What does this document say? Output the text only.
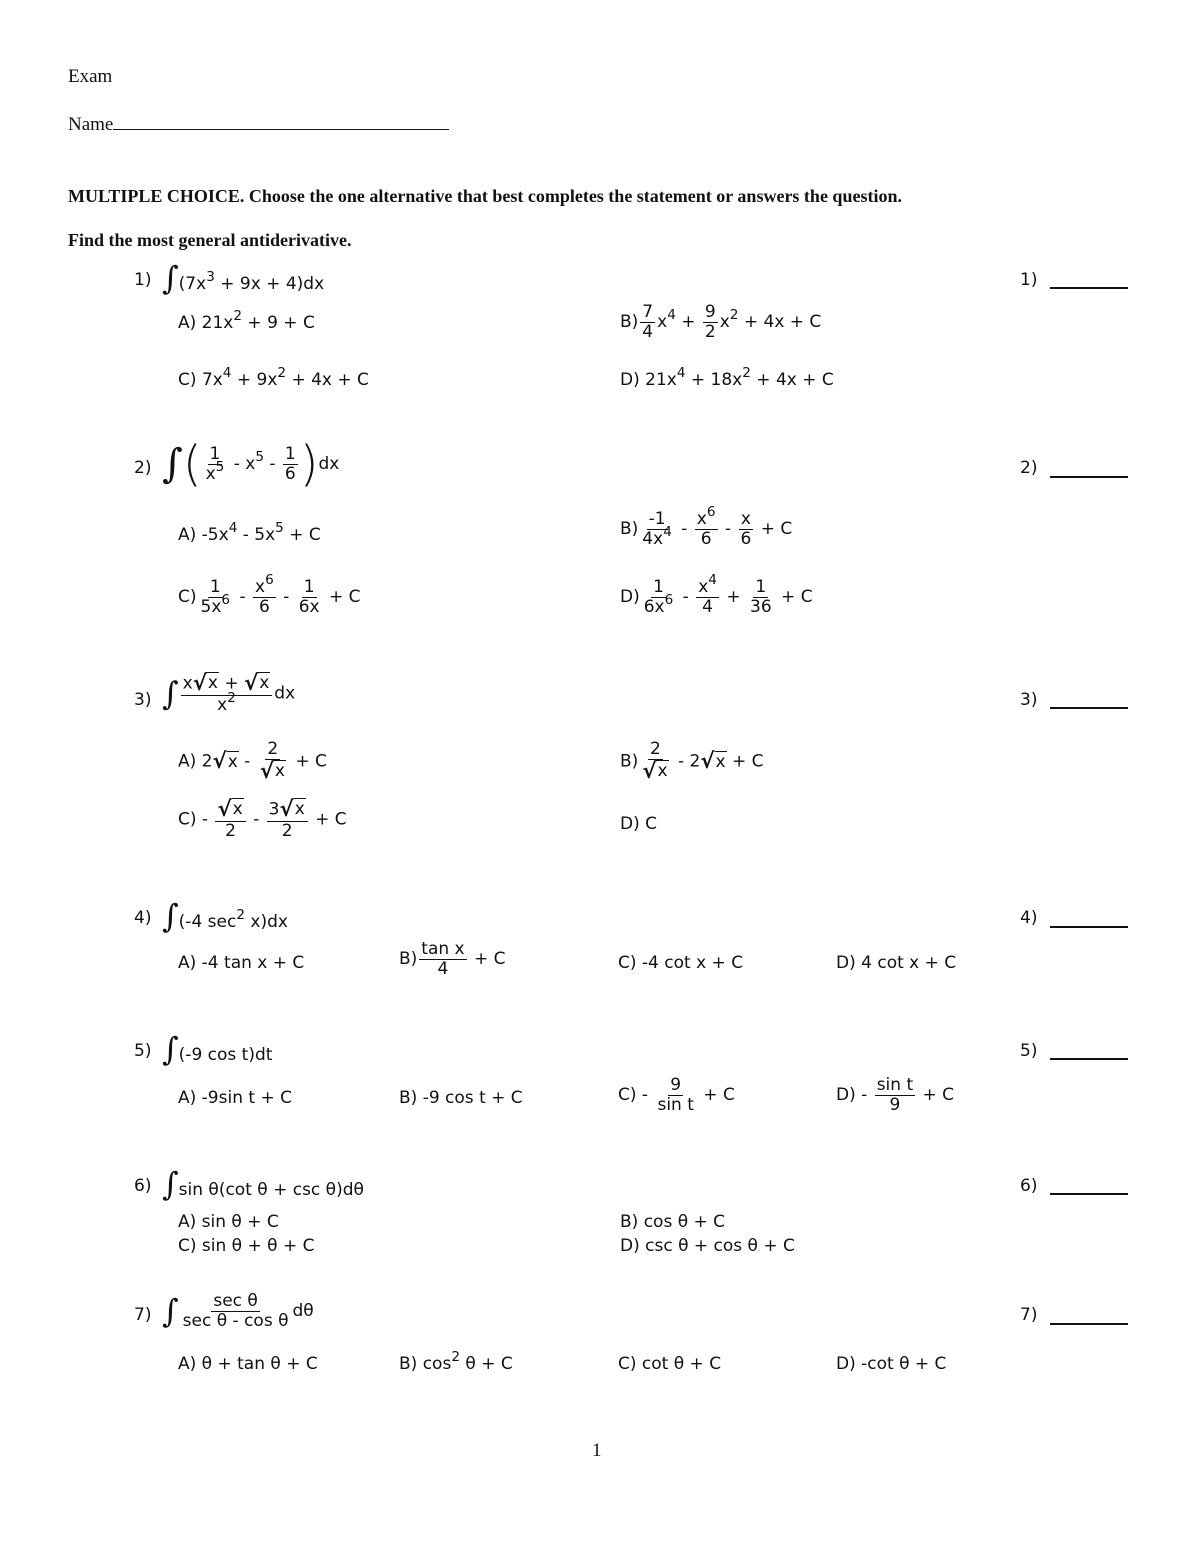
Exam
Name
MULTIPLE CHOICE. Choose the one alternative that best completes the statement or answers the question.
Find the most general antiderivative.
1) $\int(7x^3 + 9x + 4)dx$	1)
A) $21x^2 + 9 + C$	$B) \frac{7}{4} x^4 + \frac{9}{2} x^2 + 4x + C$
C) $7x^4 + 9x^2 + 4x + C$	D) $21x^4 + 18x^2 + 4x + C$
2) ∫( $\frac{1}{x^5} - x^5 - \frac{1}{6} )dx$	2)
A) $-5x^4 - 5x^5 + C$	$B) \frac{-1}{4x^4} - \frac{x^6}{6} - \frac{x}{6} + C$
$C) \frac{1}{5x^6} - \frac{x^6}{6} - \frac{1}{6x} + C$	$D) \frac{1}{6x^6} - \frac{x^4}{4} + \frac{1}{36} + C$
3) ∫ $\frac{x√x + √x}{x^2}$ dx	3)
A) $2√x - \frac{2}{√x} + C$	$B) \frac{2}{√x} - 2√x + C$
$C) - \frac{√x}{2} - \frac{3√x}{2} + C$	D) C
4) ∫(-4 $\sec^2 x)dx$	4)
A) -4 tan x + C	$B) \frac{\text{tan x}}{4} + C$	C) -4 cot x + C	D) 4 cot x + C
5) ∫(-9 cos t)dt	5)
A) -9sin t + C	B) -9 cos t + C	$C) - \frac{9}{\text{sin t}} + C$	$D) - \frac{\text{sin t}}{9} + C$
6) ∫sin θ(cot θ + csc θ)dθ	6)
A) sin θ + C	B) cos θ + C
C) sin θ + θ + C	D) csc θ + cos θ + C
7) ∫ $\frac{\text{sec θ}}{\text{sec θ - cos θ}}$ dθ	7)
A) θ + tan θ + C	B) $\cos^2 \theta + C$	C) cot θ + C	D) -cot θ + C
1
